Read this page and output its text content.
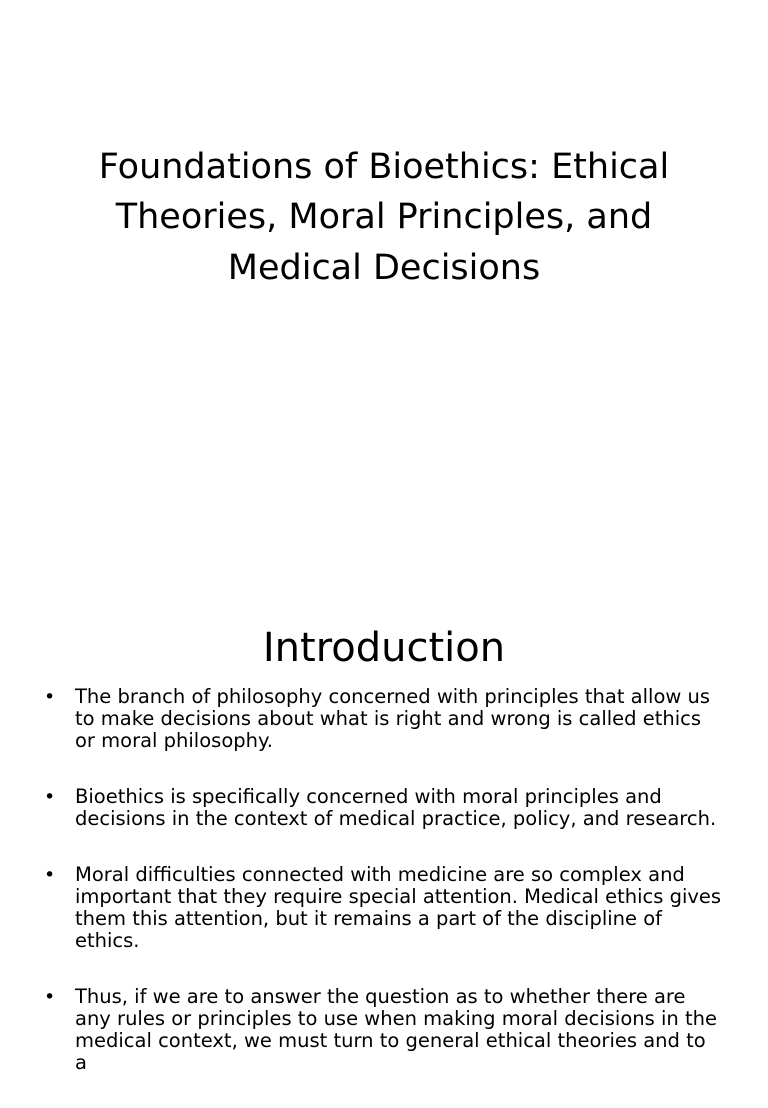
Foundations of Bioethics: Ethical Theories, Moral Principles, and Medical Decisions
Introduction
• The branch of philosophy concerned with principles that allow us to make decisions about what is right and wrong is called ethics or moral philosophy.
• Bioethics is specifically concerned with moral principles and decisions in the context of medical practice, policy, and research.
• Moral difficulties connected with medicine are so complex and important that they require special attention. Medical ethics gives them this attention, but it remains a part of the discipline of ethics.
• Thus, if we are to answer the question as to whether there are any rules or principles to use when making moral decisions in the medical context, we must turn to general ethical theories and to a
